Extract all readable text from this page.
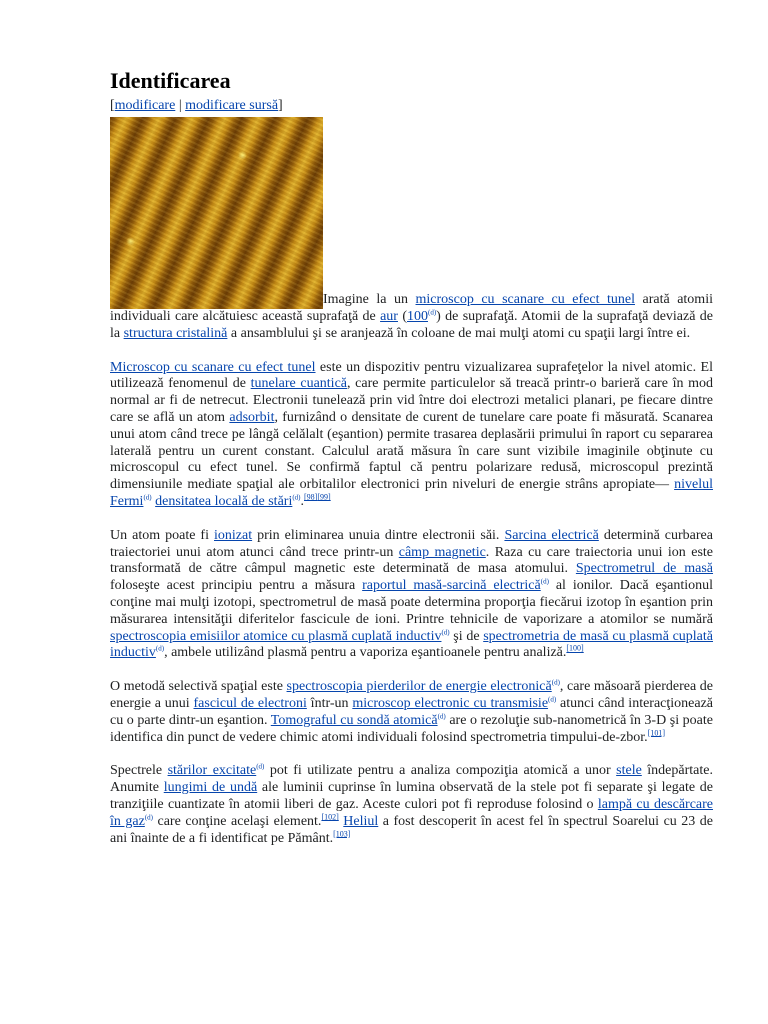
Identificarea
[modificare | modificare sursă]
Imagine la un microscop cu scanare cu efect tunel arată atomii individuali care alcătuiesc această suprafaţă de aur (100$^{(d)}$) de suprafaţă. Atomii de la suprafaţă deviază de la structura cristalină a ansamblului şi se aranjează în coloane de mai mulţi atomi cu spaţii largi între ei.

Microscop cu scanare cu efect tunel este un dispozitiv pentru vizualizarea suprafeţelor la nivel atomic. El utilizează fenomenul de tunelare cuantică, care permite particulelor să treacă printr-o barieră care în mod normal ar fi de netrecut. Electronii tunelează prin vid între doi electrozi metalici planari, pe fiecare dintre care se află un atom adsorbit, furnizând o densitate de curent de tunelare care poate fi măsurată. Scanarea unui atom când trece pe lângă celălalt (eşantion) permite trasarea deplasării primului în raport cu separarea laterală pentru un curent constant. Calculul arată măsura în care sunt vizibile imaginile obţinute cu microscopul cu efect tunel. Se confirmă faptul că pentru polarizare redusă, microscopul prezintă dimensiunile mediate spaţial ale orbitalilor electronici prin niveluri de energie strâns apropiate— nivelul Fermi$^{(d)}$ densitatea locală de stări$^{(d)}$.[98][99]

Un atom poate fi ionizat prin eliminarea unuia dintre electronii săi. Sarcina electrică determină curbarea traiectoriei unui atom atunci când trece printr-un câmp magnetic. Raza cu care traiectoria unui ion este transformată de către câmpul magnetic este determinată de masa atomului. Spectrometrul de masă foloseşte acest principiu pentru a măsura raportul masă-sarcină electrică$^{(d)}$ al ionilor. Dacă eşantionul conţine mai mulţi izotopi, spectrometrul de masă poate determina proporţia fiecărui izotop în eşantion prin măsurarea intensităţii diferitelor fascicule de ioni. Printre tehnicile de vaporizare a atomilor se numără spectroscopia emisiilor atomice cu plasmă cuplată inductiv$^{(d)}$ şi de spectrometria de masă cu plasmă cuplată inductiv$^{(d)}$, ambele utilizând plasmă pentru a vaporiza eşantioanele pentru analiză.[100]

O metodă selectivă spaţial este spectroscopia pierderilor de energie electronică$^{(d)}$, care măsoară pierderea de energie a unui fascicul de electroni într-un microscop electronic cu transmisie$^{(d)}$ atunci când interacţionează cu o parte dintr-un eşantion. Tomograful cu sondă atomică$^{(d)}$ are o rezoluţie sub-nanometrică în 3-D şi poate identifica din punct de vedere chimic atomi individuali folosind spectrometria timpului-de-zbor.[101]

Spectrele stărilor excitate$^{(d)}$ pot fi utilizate pentru a analiza compoziţia atomică a unor stele îndepărtate. Anumite lungimi de undă ale luminii cuprinse în lumina observată de la stele pot fi separate şi legate de tranziţiile cuantizate în atomii liberi de gaz. Aceste culori pot fi reproduse folosind o lampă cu descărcare în gaz$^{(d)}$ care conţine acelaşi element.[102] Heliul a fost descoperit în acest fel în spectrul Soarelui cu 23 de ani înainte de a fi identificat pe Pământ.[103]
